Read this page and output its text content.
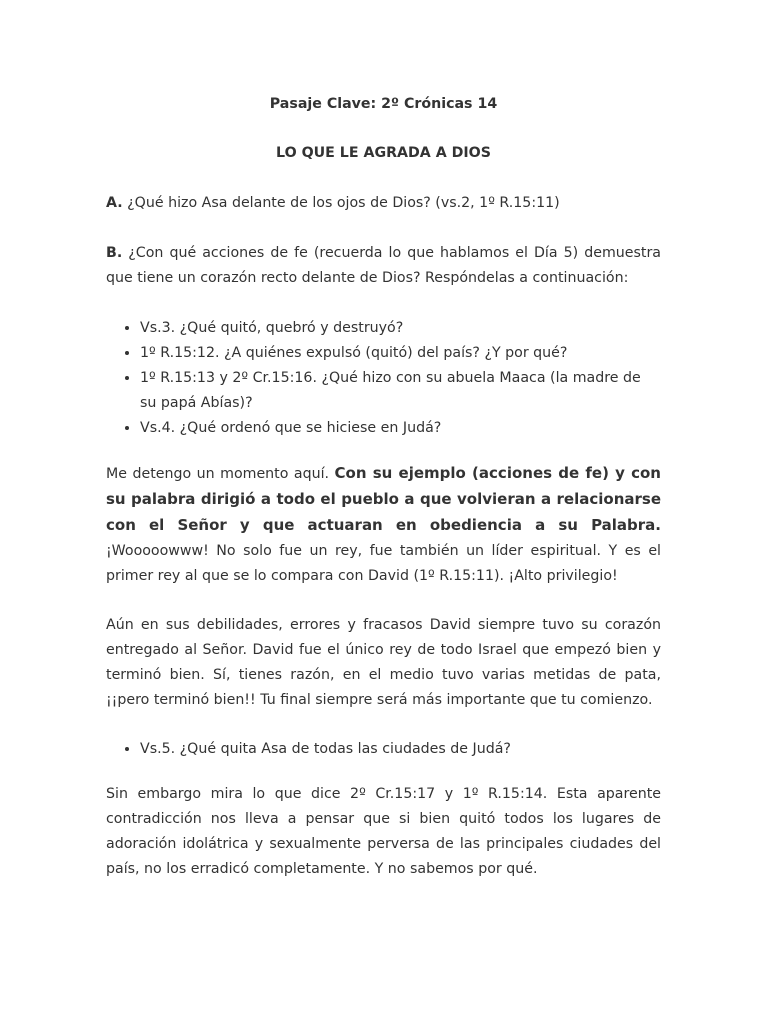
Pasaje Clave: 2º Crónicas 14

LO QUE LE AGRADA A DIOS

A. ¿Qué hizo Asa delante de los ojos de Dios? (vs.2, 1º R.15:11)

B. ¿Con qué acciones de fe (recuerda lo que hablamos el Día 5) demuestra que tiene un corazón recto delante de Dios? Respóndelas a continuación:

• Vs.3. ¿Qué quitó, quebró y destruyó?
• 1º R.15:12. ¿A quiénes expulsó (quitó) del país? ¿Y por qué?
• 1º R.15:13 y 2º Cr.15:16. ¿Qué hizo con su abuela Maaca (la madre de su papá Abías)?
• Vs.4. ¿Qué ordenó que se hiciese en Judá?

Me detengo un momento aquí. Con su ejemplo (acciones de fe) y con su palabra dirigió a todo el pueblo a que volvieran a relacionarse con el Señor y que actuaran en obediencia a su Palabra. ¡Wooooowww! No solo fue un rey, fue también un líder espiritual. Y es el primer rey al que se lo compara con David (1º R.15:11). ¡Alto privilegio!

Aún en sus debilidades, errores y fracasos David siempre tuvo su corazón entregado al Señor. David fue el único rey de todo Israel que empezó bien y terminó bien. Sí, tienes razón, en el medio tuvo varias metidas de pata, ¡¡pero terminó bien!! Tu final siempre será más importante que tu comienzo.

• Vs.5. ¿Qué quita Asa de todas las ciudades de Judá?

Sin embargo mira lo que dice 2º Cr.15:17 y 1º R.15:14. Esta aparente contradicción nos lleva a pensar que si bien quitó todos los lugares de adoración idolátrica y sexualmente perversa de las principales ciudades del país, no los erradicó completamente. Y no sabemos por qué.
